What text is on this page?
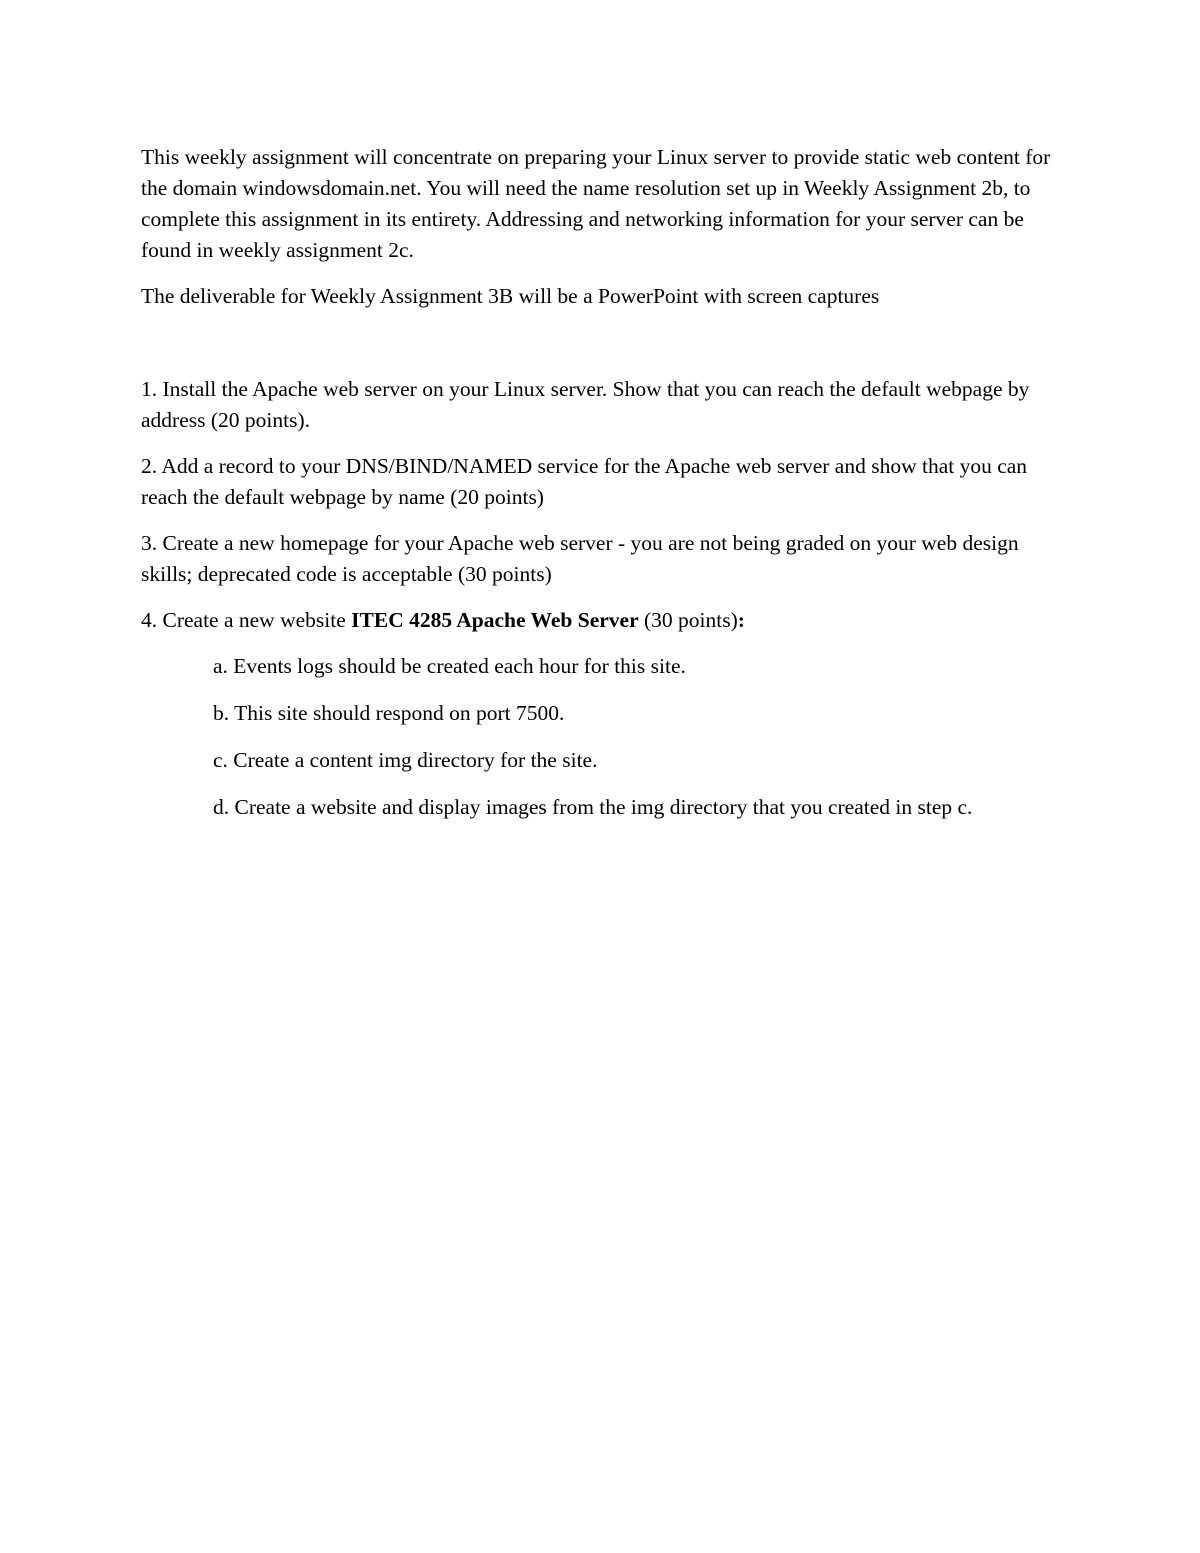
This weekly assignment will concentrate on preparing your Linux server to provide static web content for the domain windowsdomain.net. You will need the name resolution set up in Weekly Assignment 2b, to complete this assignment in its entirety. Addressing and networking information for your server can be found in weekly assignment 2c.

The deliverable for Weekly Assignment 3B will be a PowerPoint with screen captures

1. Install the Apache web server on your Linux server. Show that you can reach the default webpage by address (20 points).

2. Add a record to your DNS/BIND/NAMED service for the Apache web server and show that you can reach the default webpage by name (20 points)

3. Create a new homepage for your Apache web server - you are not being graded on your web design skills; deprecated code is acceptable (30 points)

4. Create a new website ITEC 4285 Apache Web Server (30 points):

a. Events logs should be created each hour for this site.

b. This site should respond on port 7500.

c. Create a content img directory for the site.

d. Create a website and display images from the img directory that you created in step c.
